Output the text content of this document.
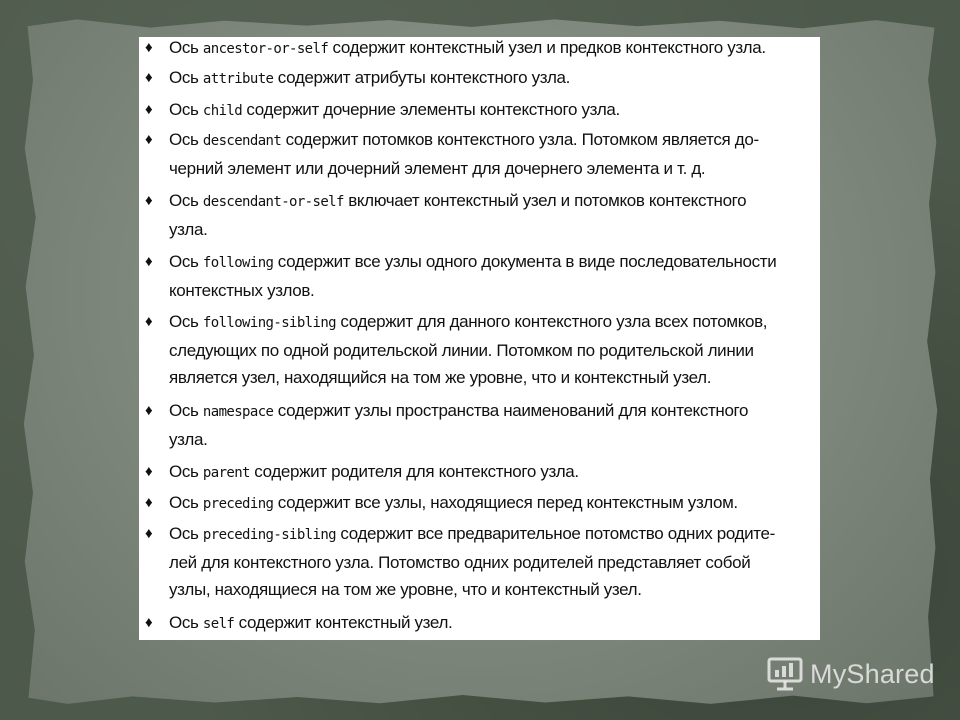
♦ Ось ancestor-or-self содержит контекстный узел и предков контекстного узла.
♦ Ось attribute содержит атрибуты контекстного узла.
♦ Ось child содержит дочерние элементы контекстного узла.
♦ Ось descendant содержит потомков контекстного узла. Потомком является до-
черний элемент или дочерний элемент для дочернего элемента и т. д.
♦ Ось descendant-or-self включает контекстный узел и потомков контекстного
узла.
♦ Ось following содержит все узлы одного документа в виде последовательности
контекстных узлов.
♦ Ось following-sibling содержит для данного контекстного узла всех потомков,
следующих по одной родительской линии. Потомком по родительской линии
является узел, находящийся на том же уровне, что и контекстный узел.
♦ Ось namespace содержит узлы пространства наименований для контекстного
узла.
♦ Ось parent содержит родителя для контекстного узла.
♦ Ось preceding содержит все узлы, находящиеся перед контекстным узлом.
♦ Ось preceding-sibling содержит все предварительное потомство одних родите-
лей для контекстного узла. Потомство одних родителей представляет собой
узлы, находящиеся на том же уровне, что и контекстный узел.
♦ Ось self содержит контекстный узел.
MyShared
